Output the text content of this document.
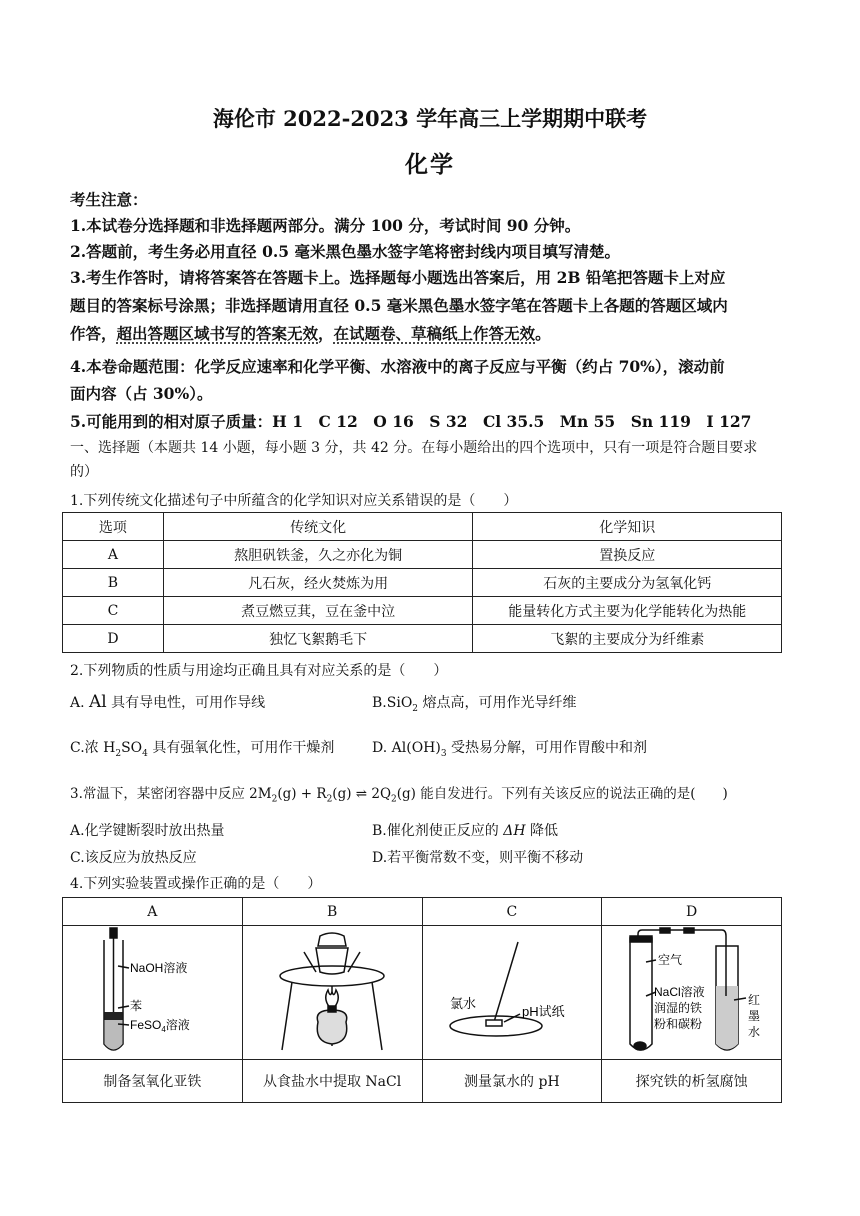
海伦市 2022-2023 学年高三上学期期中联考
化学
考生注意：
1.本试卷分选择题和非选择题两部分。满分 100 分，考试时间 90 分钟。
2.答题前，考生务必用直径 0.5 毫米黑色墨水签字笔将密封线内项目填写清楚。
3.考生作答时，请将答案答在答题卡上。选择题每小题选出答案后，用 2B 铅笔把答题卡上对应
题目的答案标号涂黑；非选择题请用直径 0.5 毫米黑色墨水签字笔在答题卡上各题的答题区域内
作答，超出答题区域书写的答案无效，在试题卷、草稿纸上作答无效。
4.本卷命题范围：化学反应速率和化学平衡、水溶液中的离子反应与平衡（约占 70%），滚动前
面内容（占 30%）。
5.可能用到的相对原子质量：H 1　C 12　O 16　S 32　Cl 35.5　Mn 55　Sn 119　I 127
一、选择题（本题共 14 小题，每小题 3 分，共 42 分。在每小题给出的四个选项中，只有一项是符合题目要求
的）
1.下列传统文化描述句子中所蕴含的化学知识对应关系错误的是（　　）
选项	传统文化	化学知识
A	熬胆矾铁釜，久之亦化为铜	置换反应
B	凡石灰，经火焚炼为用	石灰的主要成分为氢氧化钙
C	煮豆燃豆萁，豆在釜中泣	能量转化方式主要为化学能转化为热能
D	独忆飞絮鹅毛下	飞絮的主要成分为纤维素
2.下列物质的性质与用途均正确且具有对应关系的是（　　）
A. Al 具有导电性，可用作导线	B.SiO$_2$ 熔点高，可用作光导纤维
C.浓 $H_2SO_4$ 具有强氧化性，可用作干燥剂	D. $Al(OH)_3$ 受热易分解，可用作胃酸中和剂
3.常温下，某密闭容器中反应 $2M_2(g) + R_2(g)$ ⇌ $2Q_2(g)$ 能自发进行。下列有关该反应的说法正确的是(　　)
A.化学键断裂时放出热量	B.催化剂使正反应的 ΔH 降低
C.该反应为放热反应	D.若平衡常数不变，则平衡不移动
4.下列实验装置或操作正确的是（　　）
A	B	C	D

制备氢氧化亚铁	从食盐水中提取 NaCl	测量氯水的 pH	探究铁的析氢腐蚀
NaOH溶液
苯
FeSO$_4$溶液
氯水
pH试纸
空气
NaCl溶液
润湿的铁
粉和碳粉
红
墨
水
